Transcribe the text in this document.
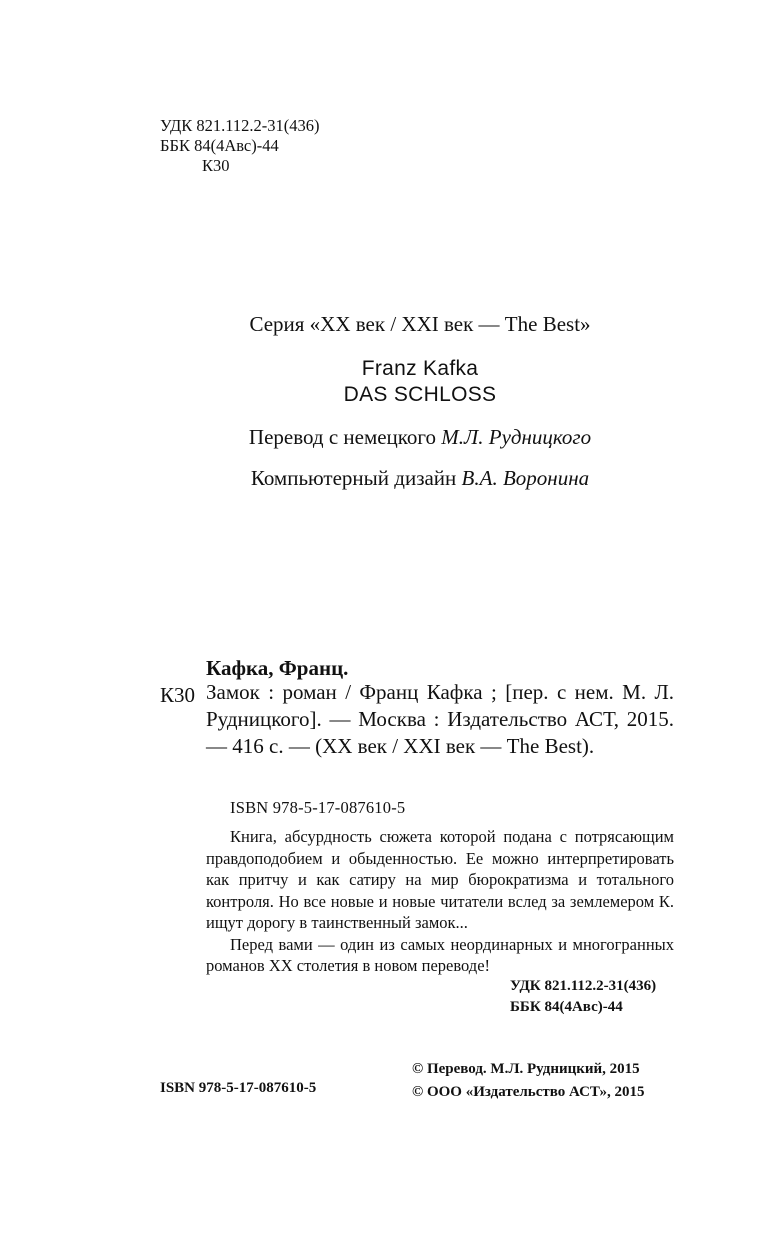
УДК 821.112.2-31(436)
ББК 84(4Авс)-44
К30
Серия «XX век / XXI век — The Best»
Franz Kafka
DAS SCHLOSS
Перевод с немецкого М.Л. Рудницкого
Компьютерный дизайн В.А. Воронина
Кафка, Франц.
К30 Замок : роман / Франц Кафка ; [пер. с нем. М. Л. Рудницкого]. — Москва : Издательство АСТ, 2015. — 416 с. — (XX век / XXI век — The Best).
ISBN 978-5-17-087610-5

Книга, абсурдность сюжета которой подана с потрясающим правдоподобием и обыденностью. Ее можно интерпретировать как притчу и как сатиру на мир бюрократизма и тотального контроля. Но все новые и новые читатели вслед за землемером К. ищут дорогу в таинственный замок...

Перед вами — один из самых неординарных и многогранных романов XX столетия в новом переводе!

УДК 821.112.2-31(436)
ББК 84(4Авс)-44
ISBN 978-5-17-087610-5
© Перевод. М.Л. Рудницкий, 2015
© ООО «Издательство АСТ», 2015
